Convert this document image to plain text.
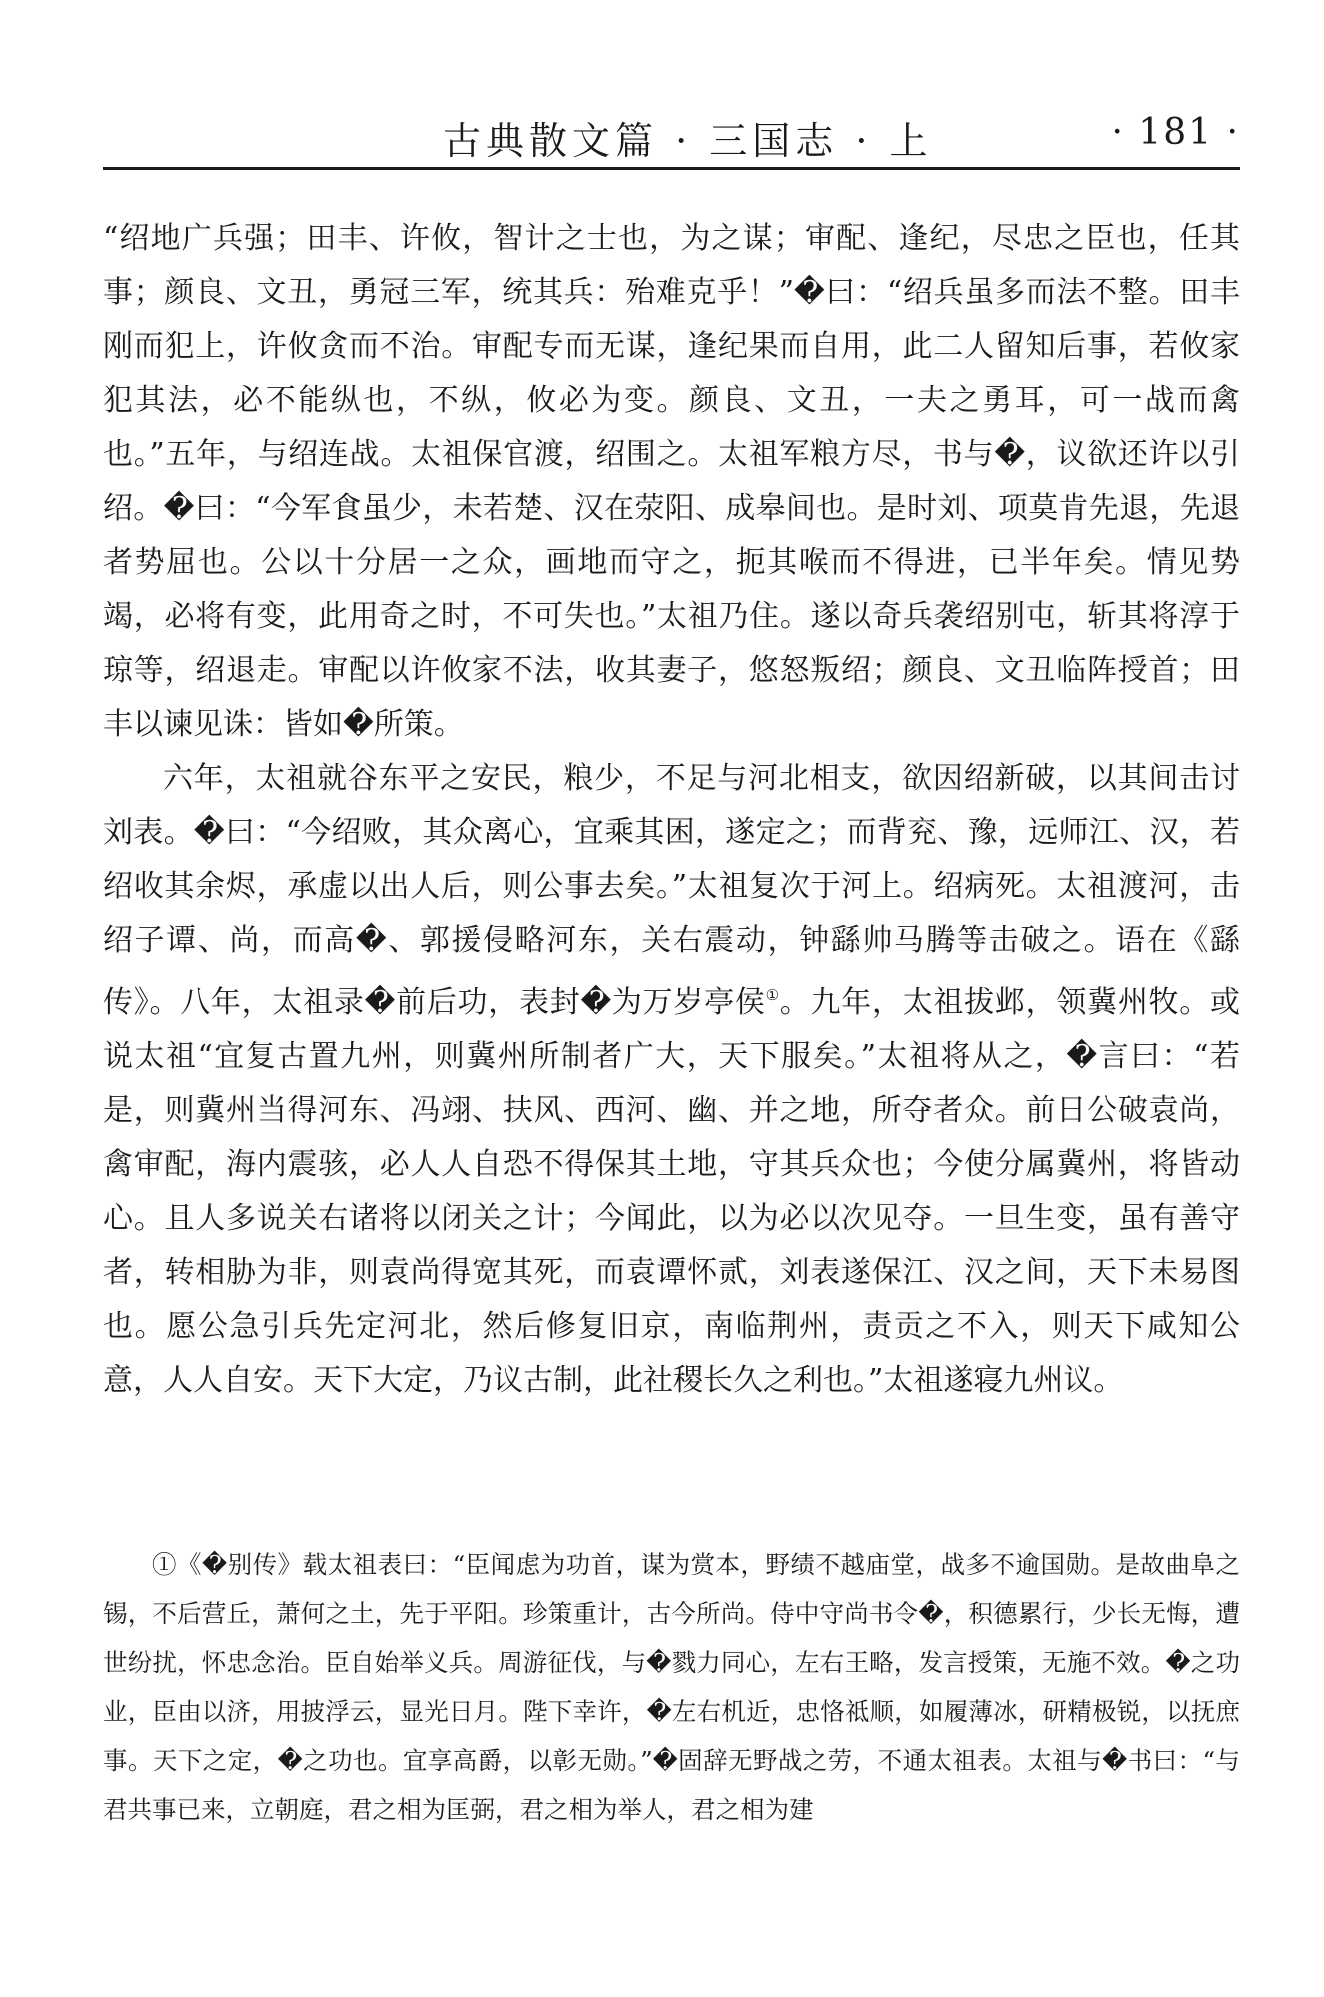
古典散文篇 · 三国志 · 上	· 181 ·

“绍地广兵强；田丰、许攸，智计之士也，为之谋；审配、逢纪，尽忠之臣也，任其事；颜良、文丑，勇冠三军，统其兵：殆难克乎！”�曰：“绍兵虽多而法不整。田丰刚而犯上，许攸贪而不治。审配专而无谋，逢纪果而自用，此二人留知后事，若攸家犯其法，必不能纵也，不纵，攸必为变。颜良、文丑，一夫之勇耳，可一战而禽也。”五年，与绍连战。太祖保官渡，绍围之。太祖军粮方尽，书与�，议欲还许以引绍。�曰：“今军食虽少，未若楚、汉在荥阳、成皋间也。是时刘、项莫肯先退，先退者势屈也。公以十分居一之众，画地而守之，扼其喉而不得进，已半年矣。情见势竭，必将有变，此用奇之时，不可失也。”太祖乃住。遂以奇兵袭绍别屯，斩其将淳于琼等，绍退走。审配以许攸家不法，收其妻子，悠怒叛绍；颜良、文丑临阵授首；田丰以谏见诛：皆如�所策。

六年，太祖就谷东平之安民，粮少，不足与河北相支，欲因绍新破，以其间击讨刘表。�曰：“今绍败，其众离心，宜乘其困，遂定之；而背兖、豫，远师江、汉，若绍收其余烬，承虚以出人后，则公事去矣。”太祖复次于河上。绍病死。太祖渡河，击绍子谭、尚，而高�、郭援侵略河东，关右震动，钟繇帅马腾等击破之。语在《繇传》。八年，太祖录�前后功，表封�为万岁亭侯①。九年，太祖拔邺，领冀州牧。或说太祖“宜复古置九州，则冀州所制者广大，天下服矣。”太祖将从之，�言曰：“若是，则冀州当得河东、冯翊、扶风、西河、幽、并之地，所夺者众。前日公破袁尚，禽审配，海内震骇，必人人自恐不得保其土地，守其兵众也；今使分属冀州，将皆动心。且人多说关右诸将以闭关之计；今闻此，以为必以次见夺。一旦生变，虽有善守者，转相胁为非，则袁尚得宽其死，而袁谭怀贰，刘表遂保江、汉之间，天下未易图也。愿公急引兵先定河北，然后修复旧京，南临荆州，责贡之不入，则天下咸知公意，人人自安。天下大定，乃议古制，此社稷长久之利也。”太祖遂寝九州议。

①《�别传》载太祖表曰：“臣闻虑为功首，谋为赏本，野绩不越庙堂，战多不逾国勋。是故曲阜之锡，不后营丘，萧何之土，先于平阳。珍策重计，古今所尚。侍中守尚书令�，积德累行，少长无悔，遭世纷扰，怀忠念治。臣自始举义兵。周游征伐，与�戮力同心，左右王略，发言授策，无施不效。�之功业，臣由以济，用披浮云，显光日月。陛下幸许，�左右机近，忠恪祗顺，如履薄冰，研精极锐，以抚庶事。天下之定，�之功也。宜享高爵，以彰无勋。”�固辞无野战之劳，不通太祖表。太祖与�书曰：“与君共事已来，立朝庭，君之相为匡弼，君之相为举人，君之相为建
